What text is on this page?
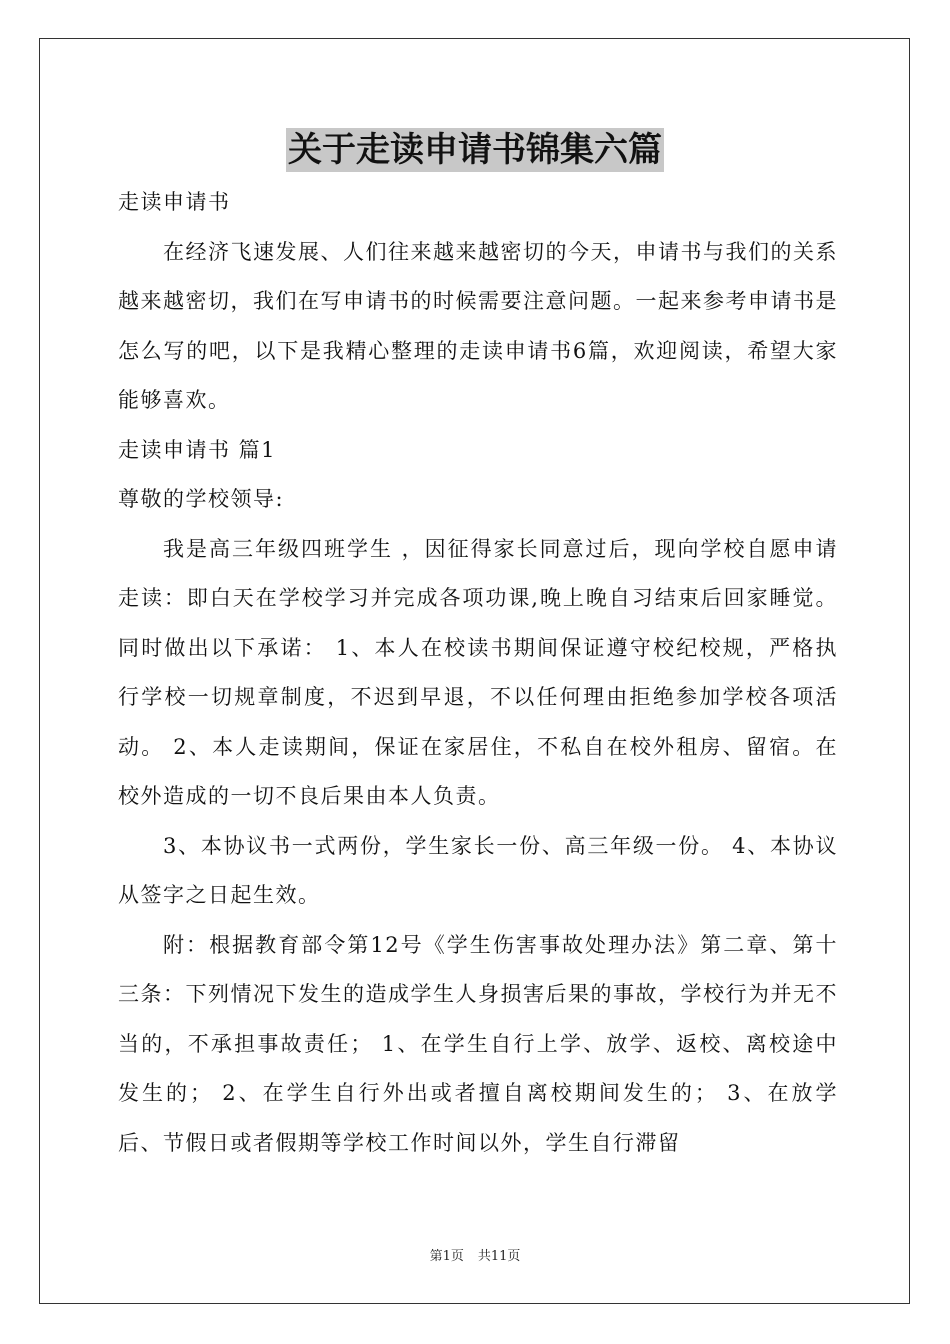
关于走读申请书锦集六篇

走读申请书

在经济飞速发展、人们往来越来越密切的今天，申请书与我们的关系越来越密切，我们在写申请书的时候需要注意问题。一起来参考申请书是怎么写的吧，以下是我精心整理的走读申请书6篇，欢迎阅读，希望大家能够喜欢。

走读申请书 篇1

尊敬的学校领导:

我是高三年级四班学生 ，因征得家长同意过后，现向学校自愿申请走读：即白天在学校学习并完成各项功课,晚上晚自习结束后回家睡觉。同时做出以下承诺： 1、本人在校读书期间保证遵守校纪校规，严格执行学校一切规章制度，不迟到早退，不以任何理由拒绝参加学校各项活动。 2、本人走读期间，保证在家居住，不私自在校外租房、留宿。在校外造成的一切不良后果由本人负责。

3、本协议书一式两份，学生家长一份、高三年级一份。 4、本协议从签字之日起生效。

附：根据教育部令第12号《学生伤害事故处理办法》第二章、第十三条：下列情况下发生的造成学生人身损害后果的事故，学校行为并无不当的，不承担事故责任； 1、在学生自行上学、放学、返校、离校途中发生的； 2、在学生自行外出或者擅自离校期间发生的； 3、在放学后、节假日或者假期等学校工作时间以外，学生自行滞留

第1页 共11页
